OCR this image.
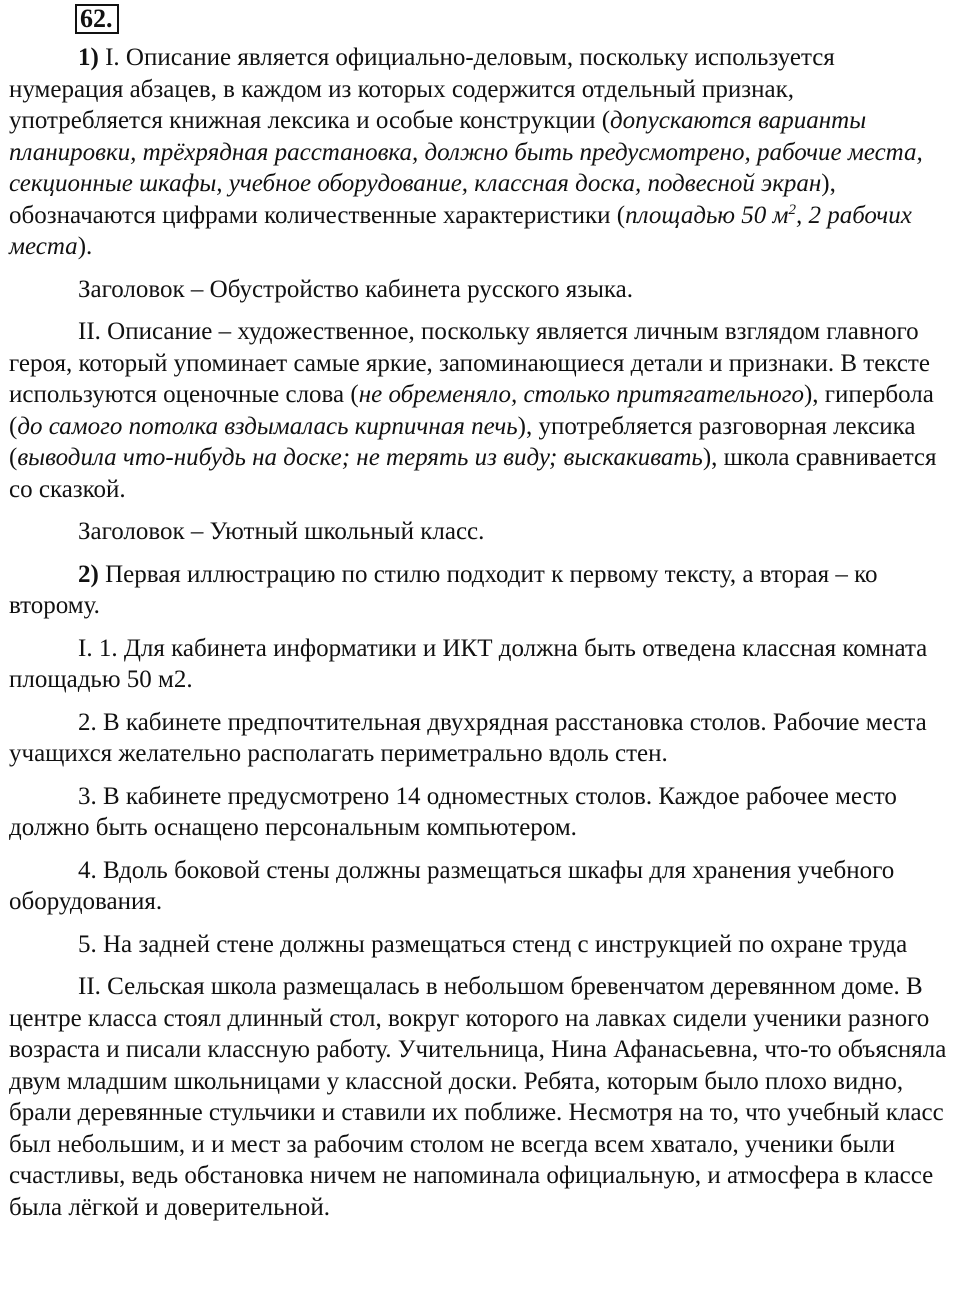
62.

1) I. Описание является официально-деловым, поскольку используется нумерация абзацев, в каждом из которых содержится отдельный признак, употребляется книжная лексика и особые конструкции (допускаются варианты планировки, трёхрядная расстановка, должно быть предусмотрено, рабочие места, секционные шкафы, учебное оборудование, классная доска, подвесной экран), обозначаются цифрами количественные характеристики (площадью 50 $м^2$, 2 рабочих места).

Заголовок – Обустройство кабинета русского языка.

II. Описание – художественное, поскольку является личным взглядом главного героя, который упоминает самые яркие, запоминающиеся детали и признаки. В тексте используются оценочные слова (не обременяло, столько притягательного), гипербола (до самого потолка вздымалась кирпичная печь), употребляется разговорная лексика (выводила что-нибудь на доске; не терять из виду; выскакивать), школа сравнивается со сказкой.

Заголовок – Уютный школьный класс.

2) Первая иллюстрацию по стилю подходит к первому тексту, а вторая – ко второму.

I. 1. Для кабинета информатики и ИКТ должна быть отведена классная комната площадью 50 м2.

2. В кабинете предпочтительная двухрядная расстановка столов. Рабочие места учащихся желательно располагать периметрально вдоль стен.

3. В кабинете предусмотрено 14 одноместных столов. Каждое рабочее место должно быть оснащено персональным компьютером.

4. Вдоль боковой стены должны размещаться шкафы для хранения учебного оборудования.

5. На задней стене должны размещаться стенд с инструкцией по охране труда

II. Сельская школа размещалась в небольшом бревенчатом деревянном доме. В центре класса стоял длинный стол, вокруг которого на лавках сидели ученики разного возраста и писали классную работу. Учительница, Нина Афанасьевна, что-то объясняла двум младшим школьницами у классной доски. Ребята, которым было плохо видно, брали деревянные стульчики и ставили их поближе. Несмотря на то, что учебный класс был небольшим, и и мест за рабочим столом не всегда всем хватало, ученики были счастливы, ведь обстановка ничем не напоминала официальную, и атмосфера в классе была лёгкой и доверительной.
